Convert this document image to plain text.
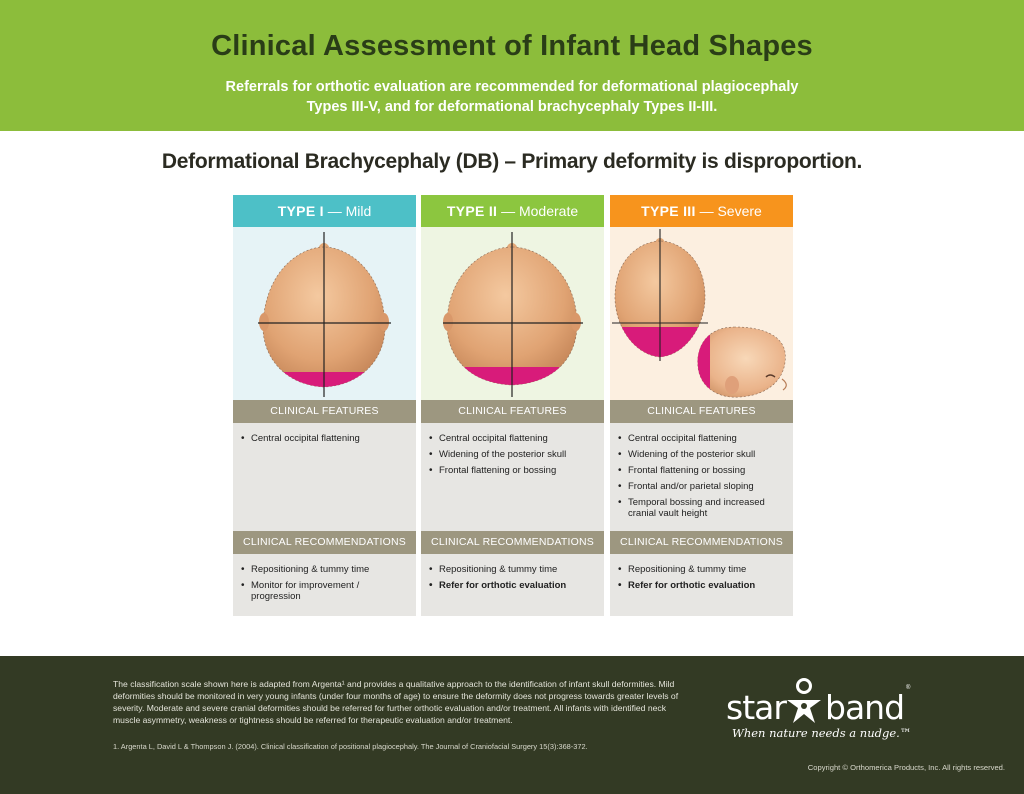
Clinical Assessment of Infant Head Shapes
Referrals for orthotic evaluation are recommended for deformational plagiocephaly
Types III-V, and for deformational brachycephaly Types II-III.
Deformational Brachycephaly (DB) – Primary deformity is disproportion.
TYPE I — Mild
CLINICAL FEATURES
• Central occipital flattening
CLINICAL RECOMMENDATIONS
• Repositioning & tummy time
• Monitor for improvement / progression
TYPE II — Moderate
CLINICAL FEATURES
• Central occipital flattening
• Widening of the posterior skull
• Frontal flattening or bossing
CLINICAL RECOMMENDATIONS
• Repositioning & tummy time
• Refer for orthotic evaluation
TYPE III — Severe
CLINICAL FEATURES
• Central occipital flattening
• Widening of the posterior skull
• Frontal flattening or bossing
• Frontal and/or parietal sloping
• Temporal bossing and increased cranial vault height
CLINICAL RECOMMENDATIONS
• Repositioning & tummy time
• Refer for orthotic evaluation

The classification scale shown here is adapted from Argenta¹ and provides a qualitative approach to the identification of infant skull deformities. Mild deformities should be monitored in very young infants (under four months of age) to ensure the deformity does not progress towards greater levels of severity. Moderate and severe cranial deformities should be referred for further orthotic evaluation and/or treatment. All infants with identified neck muscle asymmetry, weakness or tightness should be referred for therapeutic evaluation and/or treatment.

1. Argenta L, David L & Thompson J. (2004). Clinical classification of positional plagiocephaly. The Journal of Craniofacial Surgery 15(3):368-372.

star band ®
When nature needs a nudge.™

Copyright © Orthomerica Products, Inc. All rights reserved.
